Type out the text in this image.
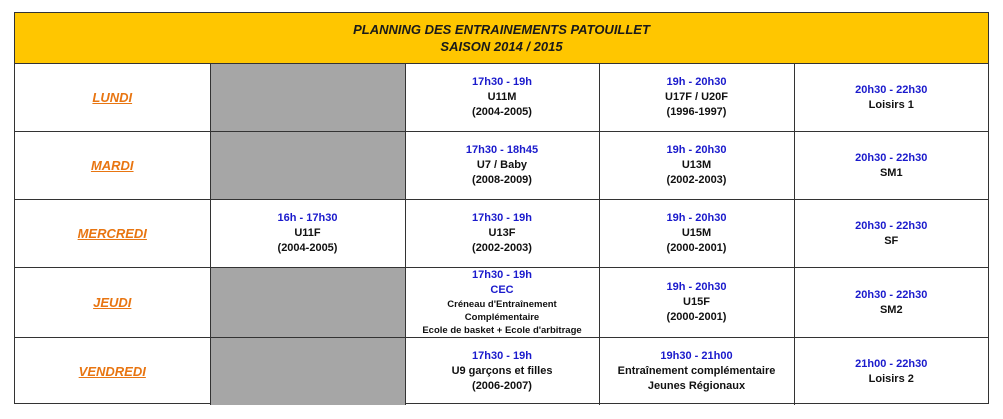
PLANNING DES ENTRAINEMENTS PATOUILLET
SAISON 2014 / 2015
LUNDI		17h30 - 19h
U11M
(2004-2005)	19h - 20h30
U17F / U20F
(1996-1997)	20h30 - 22h30
Loisirs 1

MARDI		17h30 - 18h45
U7 / Baby
(2008-2009)	19h - 20h30
U13M
(2002-2003)	20h30 - 22h30
SM1

MERCREDI	16h - 17h30
U11F
(2004-2005)	17h30 - 19h
U13F
(2002-2003)	19h - 20h30
U15M
(2000-2001)	20h30 - 22h30
SF

JEUDI		17h30 - 19h
CEC
Créneau d'Entraînement
Complémentaire
Ecole de basket + Ecole d'arbitrage	19h - 20h30
U15F
(2000-2001)	20h30 - 22h30
SM2

VENDREDI		17h30 - 19h
U9 garçons et filles
(2006-2007)	19h30 - 21h00
Entraînement complémentaire
Jeunes Régionaux	21h00 - 22h30
Loisirs 2
